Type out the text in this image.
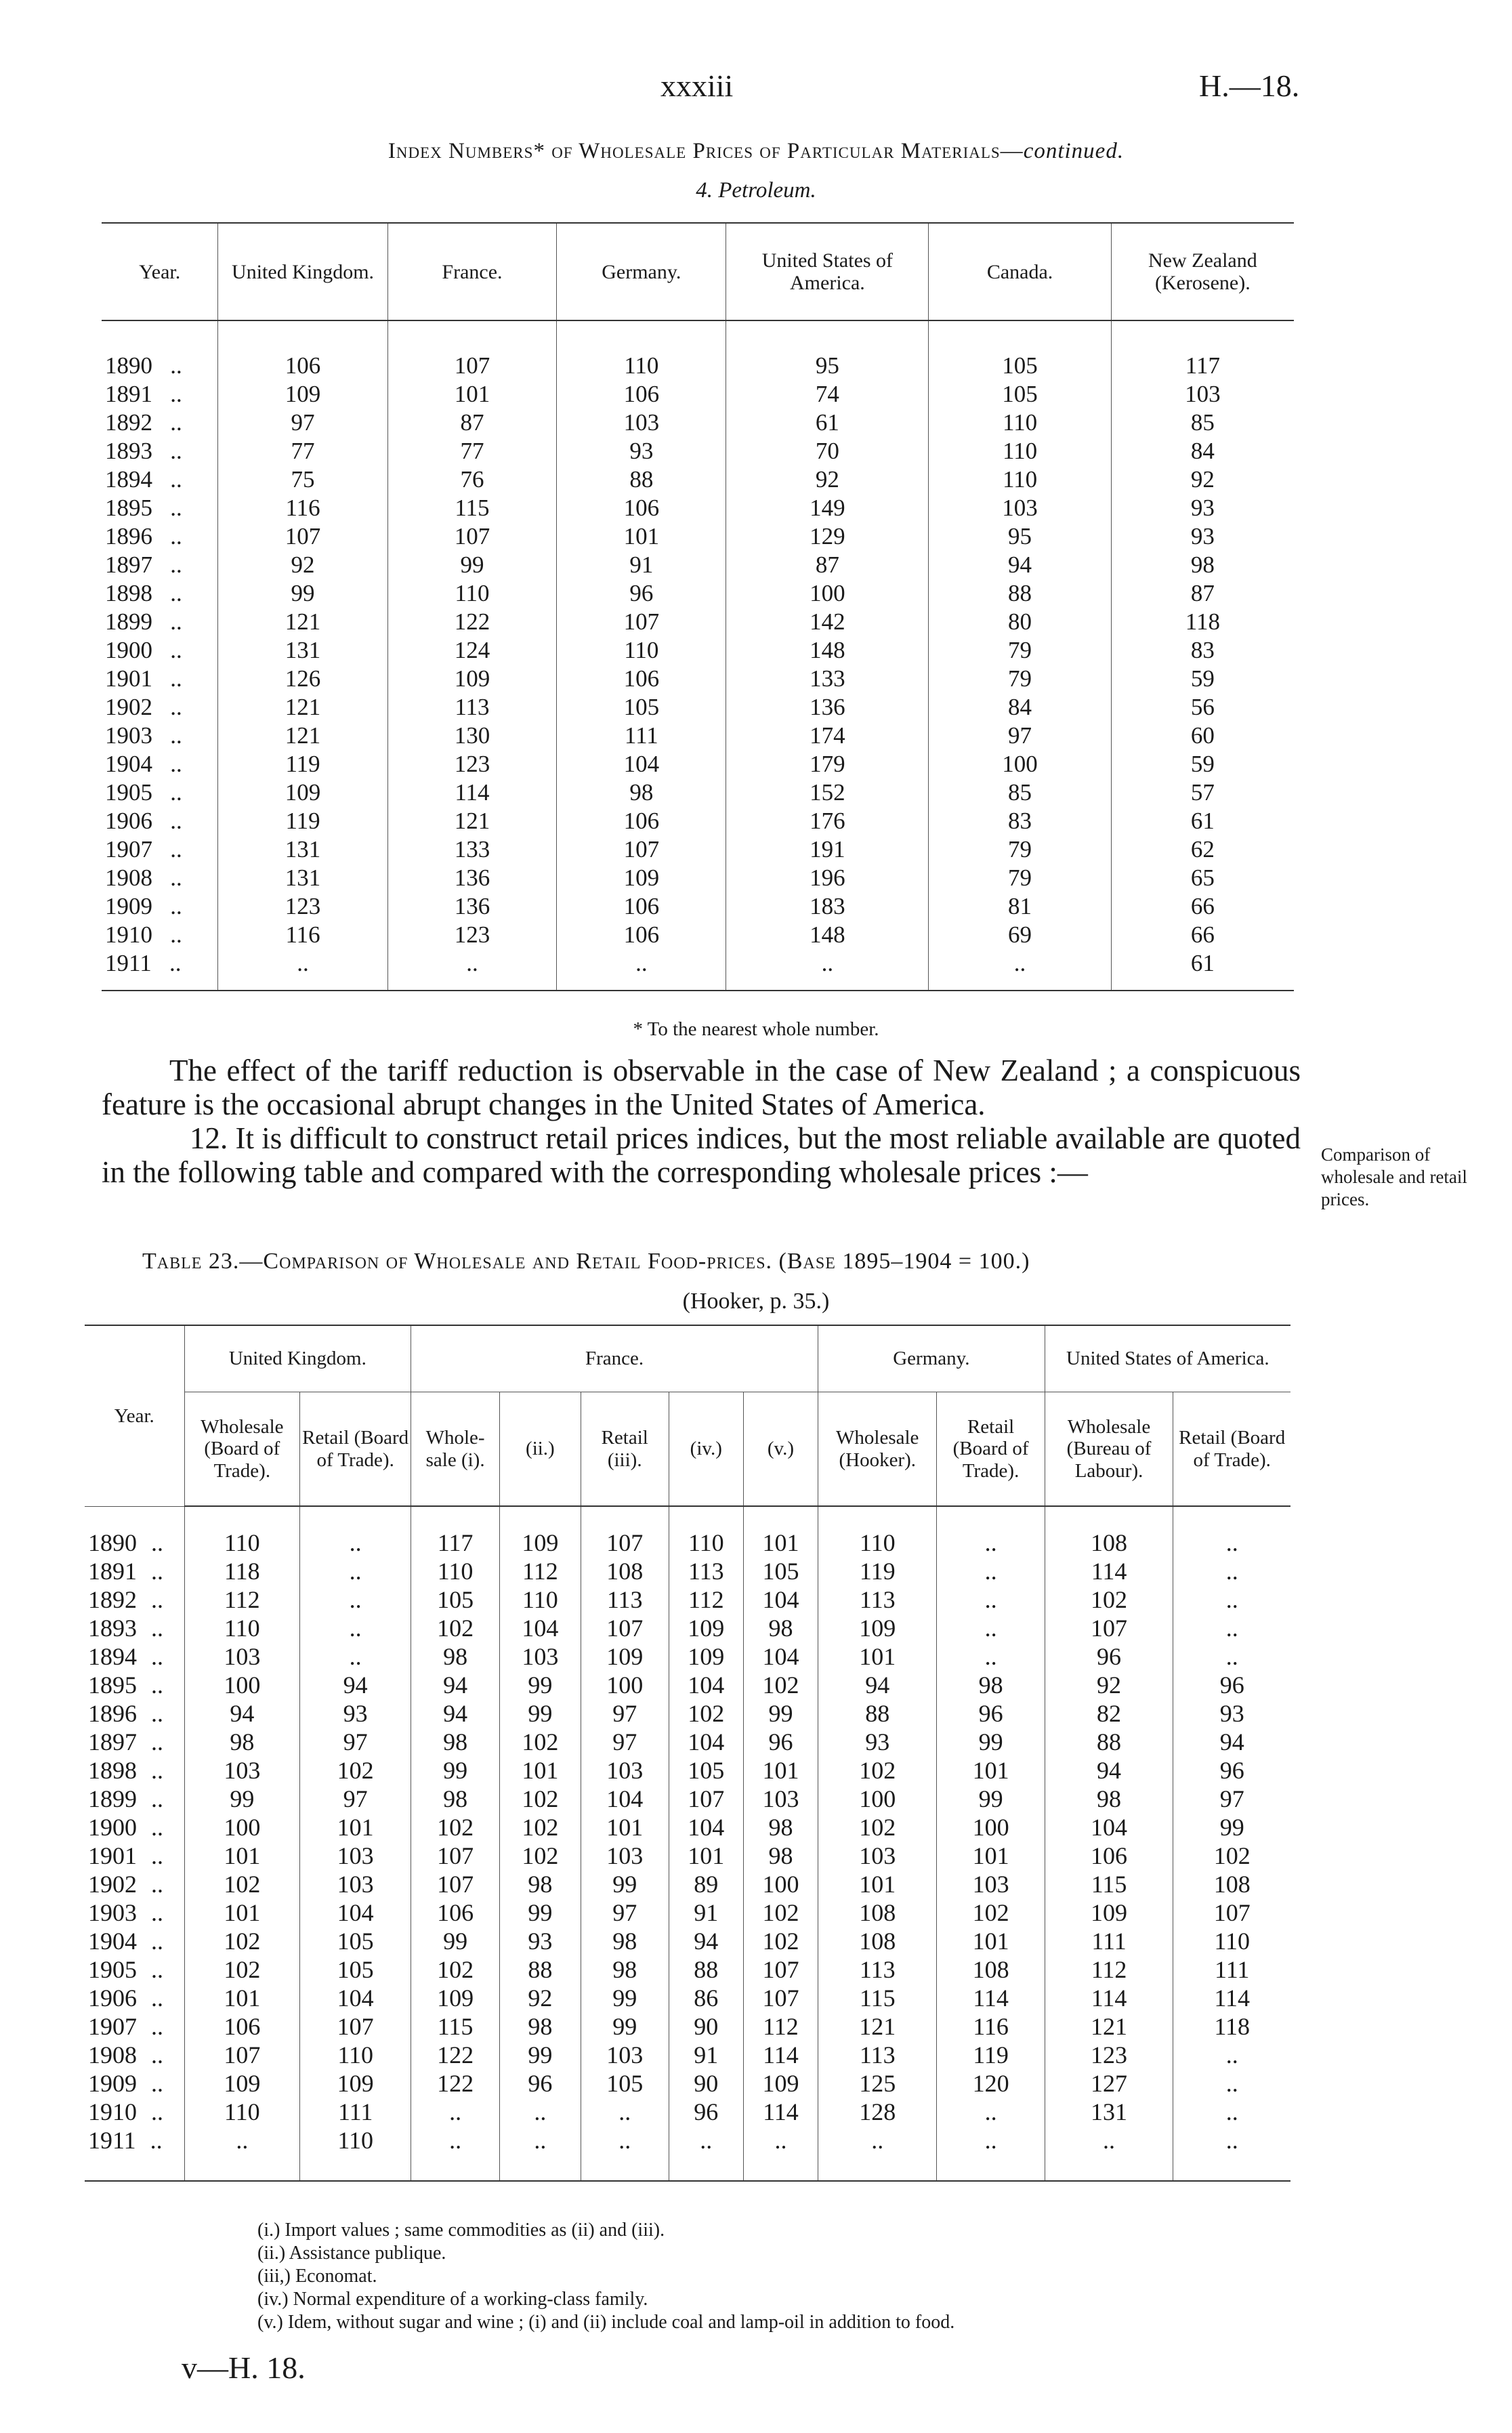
xxxiii	H.—18.
Index Numbers* of Wholesale Prices of Particular Materials—continued.
4. Petroleum.
Year.	United Kingdom.	France.	Germany.	United States of America.	Canada.	New Zealand (Kerosene).
1890 ..	106	107	110	95	105	117
1891 ..	109	101	106	74	105	103
1892 ..	97	87	103	61	110	85
1893 ..	77	77	93	70	110	84
1894 ..	75	76	88	92	110	92
1895 ..	116	115	106	149	103	93
1896 ..	107	107	101	129	95	93
1897 ..	92	99	91	87	94	98
1898 ..	99	110	96	100	88	87
1899 ..	121	122	107	142	80	118
1900 ..	131	124	110	148	79	83
1901 ..	126	109	106	133	79	59
1902 ..	121	113	105	136	84	56
1903 ..	121	130	111	174	97	60
1904 ..	119	123	104	179	100	59
1905 ..	109	114	98	152	85	57
1906 ..	119	121	106	176	83	61
1907 ..	131	133	107	191	79	62
1908 ..	131	136	109	196	79	65
1909 ..	123	136	106	183	81	66
1910 ..	116	123	106	148	69	66
1911 ..	..	..	..	..	..	61
* To the nearest whole number.
The effect of the tariff reduction is observable in the case of New Zealand ; a conspicuous feature is the occasional abrupt changes in the United States of America.
12. It is difficult to construct retail prices indices, but the most reliable available are quoted in the following table and compared with the corresponding wholesale prices :—
Comparison of wholesale and retail prices.
Table 23.—Comparison of Wholesale and Retail Food-prices. (Base 1895–1904 = 100.)
(Hooker, p. 35.)
Year.	United Kingdom.		France.					Germany.		United States of America.	
	Wholesale (Board of Trade).	Retail (Board of Trade).	Whole-sale (i).	(ii.)	Retail (iii).	(iv.)	(v.)	Wholesale (Hooker).	Retail (Board of Trade).	Wholesale (Bureau of Labour).	Retail (Board of Trade).
1890 ..	110	..	117	109	107	110	101	110	..	108	..
1891 ..	118	..	110	112	108	113	105	119	..	114	..
1892 ..	112	..	105	110	113	112	104	113	..	102	..
1893 ..	110	..	102	104	107	109	98	109	..	107	..
1894 ..	103	..	98	103	109	109	104	101	..	96	..
1895 ..	100	94	94	99	100	104	102	94	98	92	96
1896 ..	94	93	94	99	97	102	99	88	96	82	93
1897 ..	98	97	98	102	97	104	96	93	99	88	94
1898 ..	103	102	99	101	103	105	101	102	101	94	96
1899 ..	99	97	98	102	104	107	103	100	99	98	97
1900 ..	100	101	102	102	101	104	98	102	100	104	99
1901 ..	101	103	107	102	103	101	98	103	101	106	102
1902 ..	102	103	107	98	99	89	100	101	103	115	108
1903 ..	101	104	106	99	97	91	102	108	102	109	107
1904 ..	102	105	99	93	98	94	102	108	101	111	110
1905 ..	102	105	102	88	98	88	107	113	108	112	111
1906 ..	101	104	109	92	99	86	107	115	114	114	114
1907 ..	106	107	115	98	99	90	112	121	116	121	118
1908 ..	107	110	122	99	103	91	114	113	119	123	..
1909 ..	109	109	122	96	105	90	109	125	120	127	..
1910 ..	110	111	..	..	..	96	114	128	..	131	..
1911 ..	..	110	..	..	..	..	..	..	..	..	..
(i.) Import values ; same commodities as (ii) and (iii).
(ii.) Assistance publique.
(iii,) Economat.
(iv.) Normal expenditure of a working-class family.
(v.) Idem, without sugar and wine ; (i) and (ii) include coal and lamp-oil in addition to food.
v—H. 18.
